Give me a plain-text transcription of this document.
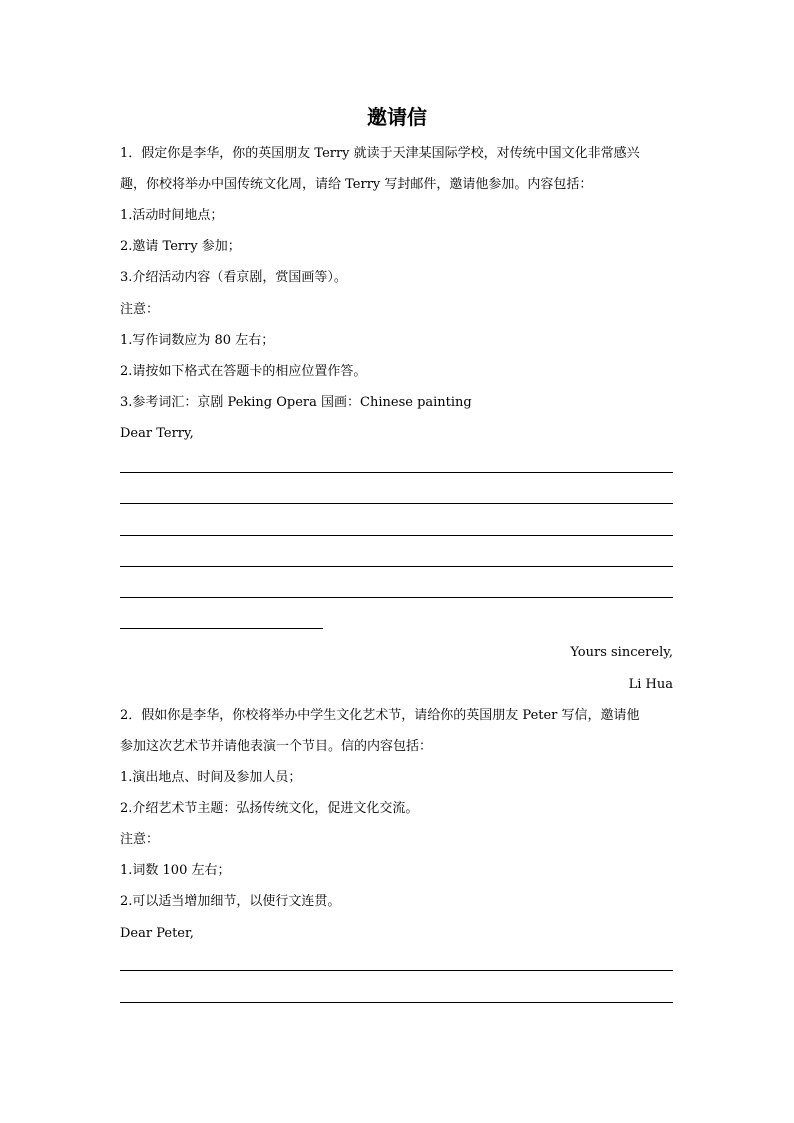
邀请信
1．假定你是李华，你的英国朋友 Terry 就读于天津某国际学校，对传统中国文化非常感兴
趣，你校将举办中国传统文化周，请给 Terry 写封邮件，邀请他参加。内容包括：
1.活动时间地点；
2.邀请 Terry 参加；
3.介绍活动内容（看京剧，赏国画等）。
注意：
1.写作词数应为 80 左右；
2.请按如下格式在答题卡的相应位置作答。
3.参考词汇：京剧 Peking Opera 国画：Chinese painting
Dear Terry,
Yours sincerely,
Li Hua
2．假如你是李华，你校将举办中学生文化艺术节，请给你的英国朋友 Peter 写信，邀请他
参加这次艺术节并请他表演一个节目。信的内容包括：
1.演出地点、时间及参加人员；
2.介绍艺术节主题：弘扬传统文化，促进文化交流。
注意：
1.词数 100 左右；
2.可以适当增加细节，以使行文连贯。
Dear Peter,
